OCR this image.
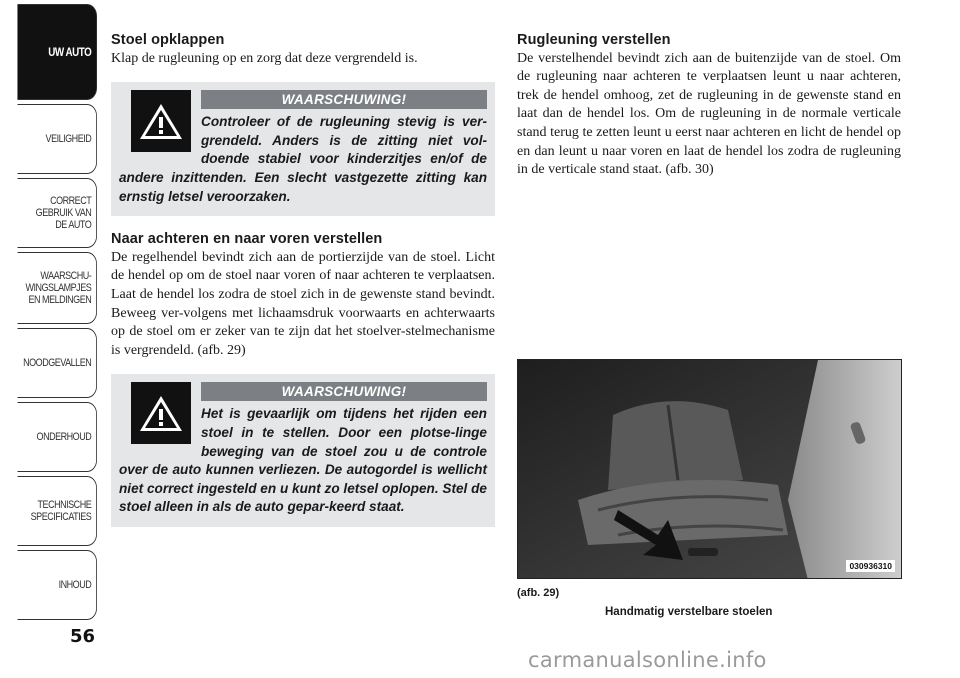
UW AUTO
VEILIGHEID
CORRECT
GEBRUIK VAN
DE AUTO
WAARSCHU-
WINGSLAMPJES
EN MELDINGEN
NOODGEVALLEN
ONDERHOUD
TECHNISCHE
SPECIFICATIES
INHOUD
56
Stoel opklappen
Klap de rugleuning op en zorg dat deze vergrendeld is.
WAARSCHUWING!
Controleer of de rugleuning stevig is ver-grendeld. Anders is de zitting niet vol-doende stabiel voor kinderzitjes en/of de andere inzittenden. Een slecht vastgezette zitting kan ernstig letsel veroorzaken.
Naar achteren en naar voren verstellen
De regelhendel bevindt zich aan de portierzijde van de stoel. Licht de hendel op om de stoel naar voren of naar achteren te verplaatsen. Laat de hendel los zodra de stoel zich in de gewenste stand bevindt. Beweeg ver-volgens met lichaamsdruk voorwaarts en achterwaarts op de stoel om er zeker van te zijn dat het stoelver-stelmechanisme is vergrendeld. (afb. 29)
WAARSCHUWING!
Het is gevaarlijk om tijdens het rijden een stoel in te stellen. Door een plotse-linge beweging van de stoel zou u de controle over de auto kunnen verliezen. De autogordel is wellicht niet correct ingesteld en u kunt zo letsel oplopen. Stel de stoel alleen in als de auto gepar-keerd staat.
Rugleuning verstellen
De verstelhendel bevindt zich aan de buitenzijde van de stoel. Om de rugleuning naar achteren te verplaatsen leunt u naar achteren, trek de hendel omhoog, zet de rugleuning in de gewenste stand en laat dan de hendel los. Om de rugleuning in de normale verticale stand terug te zetten leunt u eerst naar achteren en licht de hendel op en dan leunt u naar voren en laat de hendel los zodra de rugleuning in de verticale stand staat. (afb. 30)
030936310
(afb. 29)
Handmatig verstelbare stoelen
carmanualsonline.info
